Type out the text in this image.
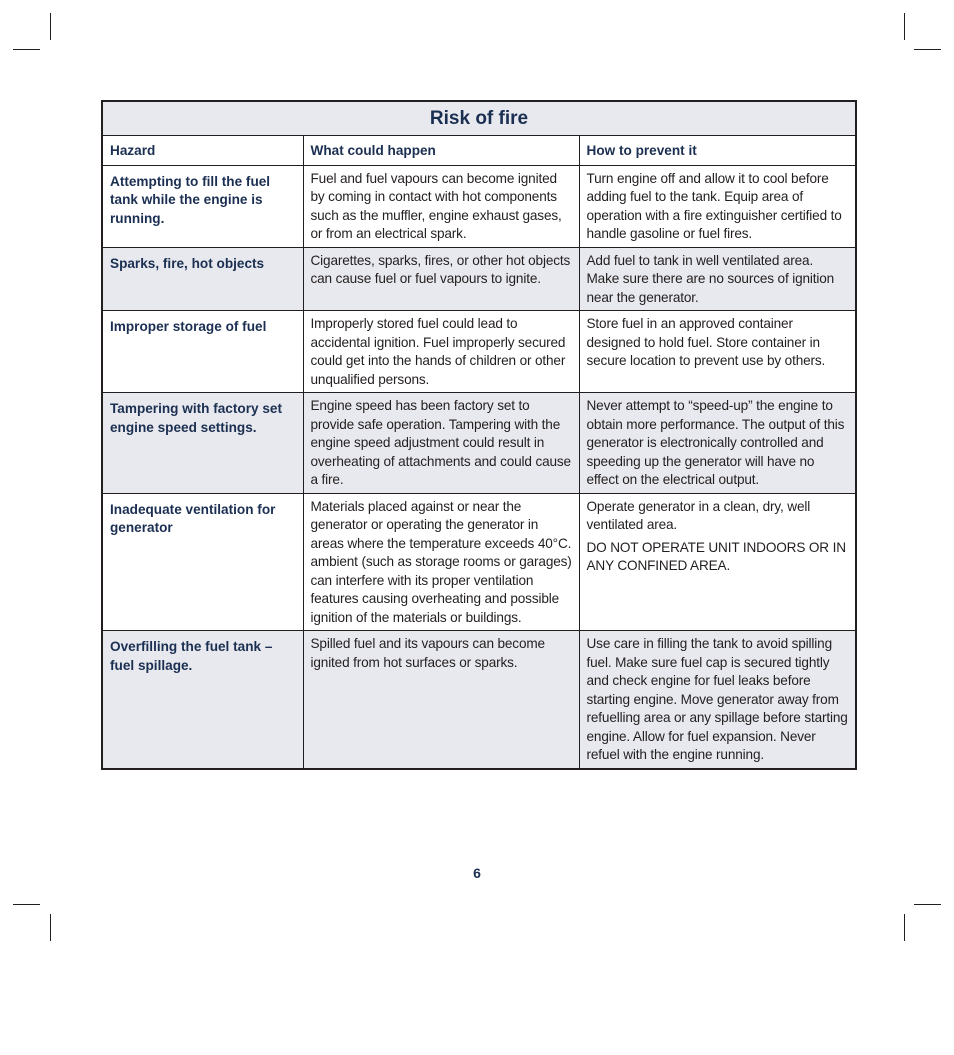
Risk of fire		
Hazard	What could happen	How to prevent it
Attempting to fill the fuel tank while the engine is running.	Fuel and fuel vapours can become ignited by coming in contact with hot components such as the muffler, engine exhaust gases, or from an electrical spark.	Turn engine off and allow it to cool before adding fuel to the tank. Equip area of operation with a fire extinguisher certified to handle gasoline or fuel fires.

Sparks, fire, hot objects	Cigarettes, sparks, fires, or other hot objects can cause fuel or fuel vapours to ignite.	Add fuel to tank in well ventilated area. Make sure there are no sources of ignition near the generator.

Improper storage of fuel	Improperly stored fuel could lead to accidental ignition. Fuel improperly secured could get into the hands of children or other unqualified persons.	Store fuel in an approved container designed to hold fuel. Store container in secure location to prevent use by others.

Tampering with factory set engine speed settings.	Engine speed has been factory set to provide safe operation. Tampering with the engine speed adjustment could result in overheating of attachments and could cause a fire.	Never attempt to “speed-up” the engine to obtain more performance. The output of this generator is electronically controlled and speeding up the generator will have no effect on the electrical output.

Inadequate ventilation for generator	Materials placed against or near the generator or operating the generator in areas where the temperature exceeds 40°C. ambient (such as storage rooms or garages) can interfere with its proper ventilation features causing overheating and possible ignition of the materials or buildings.	Operate generator in a clean, dry, well ventilated area.
DO NOT OPERATE UNIT INDOORS OR IN ANY CONFINED AREA.

Overfilling the fuel tank – fuel spillage.	Spilled fuel and its vapours can become ignited from hot surfaces or sparks.	Use care in filling the tank to avoid spilling fuel. Make sure fuel cap is secured tightly and check engine for fuel leaks before starting engine. Move generator away from refuelling area or any spillage before starting engine. Allow for fuel expansion. Never refuel with the engine running.
6
